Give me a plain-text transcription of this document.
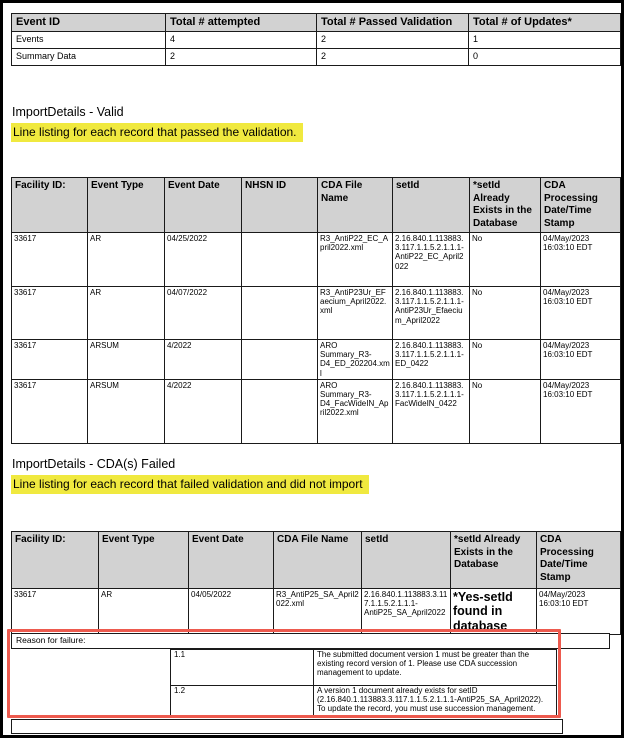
Event ID	Total # attempted	Total # Passed Validation	Total # of Updates*
Events	4	2	1
Summary Data	2	2	0
ImportDetails - Valid
Line listing for each record that passed the validation.
Facility ID:	Event Type	Event Date	NHSN ID	CDA File Name	setId	*setId Already Exists in the Database	CDA Processing Date/Time Stamp
33617	AR	04/25/2022		R3_AntiP22_EC_April2022.xml	2.16.840.1.113883.3.117.1.1.5.2.1.1.1-AntiP22_EC_April2022	No	04/May/2023 16:03:10 EDT
33617	AR	04/07/2022		R3_AntiP23Ur_EFaecium_April2022.xml	2.16.840.1.113883.3.117.1.1.5.2.1.1.1-AntiP23Ur_Efaecium_April2022	No	04/May/2023 16:03:10 EDT
33617	ARSUM	4/2022		ARO Summary_R3-D4_ED_202204.xml	2.16.840.1.113883.3.117.1.1.5.2.1.1.1-ED_0422	No	04/May/2023 16:03:10 EDT
33617	ARSUM	4/2022		ARO Summary_R3-D4_FacWideIN_April2022.xml	2.16.840.1.113883.3.117.1.1.5.2.1.1.1-FacWideIN_0422	No	04/May/2023 16:03:10 EDT
ImportDetails - CDA(s) Failed
Line listing for each record that failed validation and did not import
Facility ID:	Event Type	Event Date	CDA File Name	setId	*setId Already Exists in the Database	CDA Processing Date/Time Stamp
33617	AR	04/05/2022	R3_AntiP25_SA_April2022.xml	2.16.840.1.113883.3.117.1.1.5.2.1.1.1-AntiP25_SA_April2022	*Yes-setId found in database	04/May/2023 16:03:10 EDT
Reason for failure:
1.1	The submitted document version 1 must be greater than the existing record version of 1. Please use CDA succession management to update.
1.2	A version 1 document already exists for setID (2.16.840.1.113883.3.117.1.1.5.2.1.1.1-AntiP25_SA_April2022). To update the record, you must use succession management.
